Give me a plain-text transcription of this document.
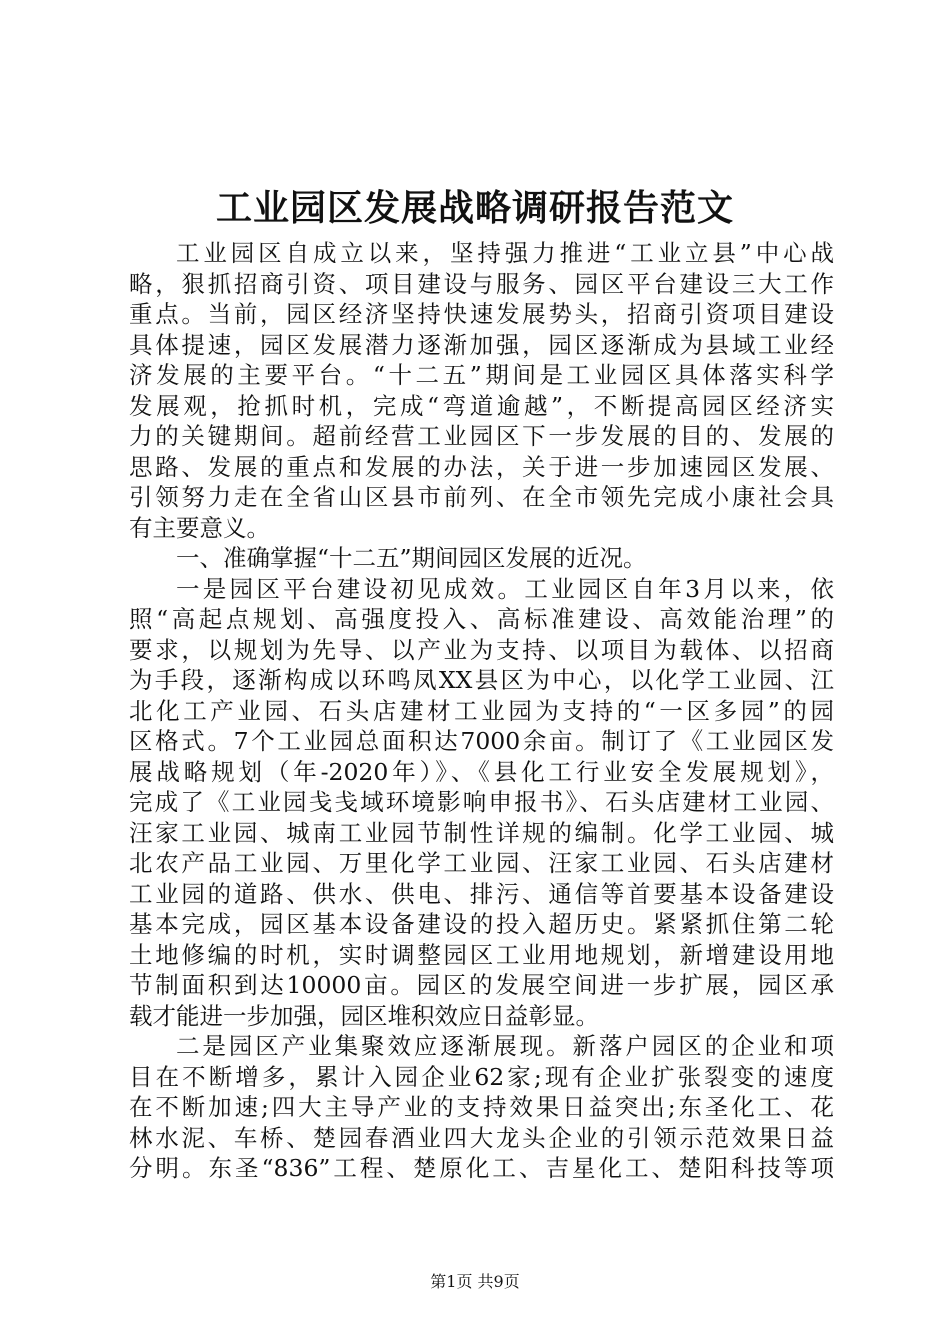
工业园区发展战略调研报告范文
工业园区自成立以来，坚持强力推进“工业立县”中心战
略，狠抓招商引资、项目建设与服务、园区平台建设三大工作
重点。当前，园区经济坚持快速发展势头，招商引资项目建设
具体提速，园区发展潜力逐渐加强，园区逐渐成为县域工业经
济发展的主要平台。“十二五”期间是工业园区具体落实科学
发展观，抢抓时机，完成“弯道逾越”，不断提高园区经济实
力的关键期间。超前经营工业园区下一步发展的目的、发展的
思路、发展的重点和发展的办法，关于进一步加速园区发展、
引领努力走在全省山区县市前列、在全市领先完成小康社会具
有主要意义。
一、准确掌握“十二五”期间园区发展的近况。
一是园区平台建设初见成效。工业园区自年3月以来，依
照“高起点规划、高强度投入、高标准建设、高效能治理”的
要求，以规划为先导、以产业为支持、以项目为载体、以招商
为手段，逐渐构成以环鸣凤XX县区为中心，以化学工业园、江
北化工产业园、石头店建材工业园为支持的“一区多园”的园
区格式。7个工业园总面积达7000余亩。制订了《工业园区发
展战略规划（年-2020年）》、《县化工行业安全发展规划》，
完成了《工业园戋戋域环境影响申报书》、石头店建材工业园、
汪家工业园、城南工业园节制性详规的编制。化学工业园、城
北农产品工业园、万里化学工业园、汪家工业园、石头店建材
工业园的道路、供水、供电、排污、通信等首要基本设备建设
基本完成，园区基本设备建设的投入超历史。紧紧抓住第二轮
土地修编的时机，实时调整园区工业用地规划，新增建设用地
节制面积到达10000亩。园区的发展空间进一步扩展，园区承
载才能进一步加强，园区堆积效应日益彰显。
二是园区产业集聚效应逐渐展现。新落户园区的企业和项
目在不断增多，累计入园企业62家;现有企业扩张裂变的速度
在不断加速;四大主导产业的支持效果日益突出;东圣化工、花
林水泥、车桥、楚园春酒业四大龙头企业的引领示范效果日益
分明。东圣“836”工程、楚原化工、吉星化工、楚阳科技等项
第1页 共9页
